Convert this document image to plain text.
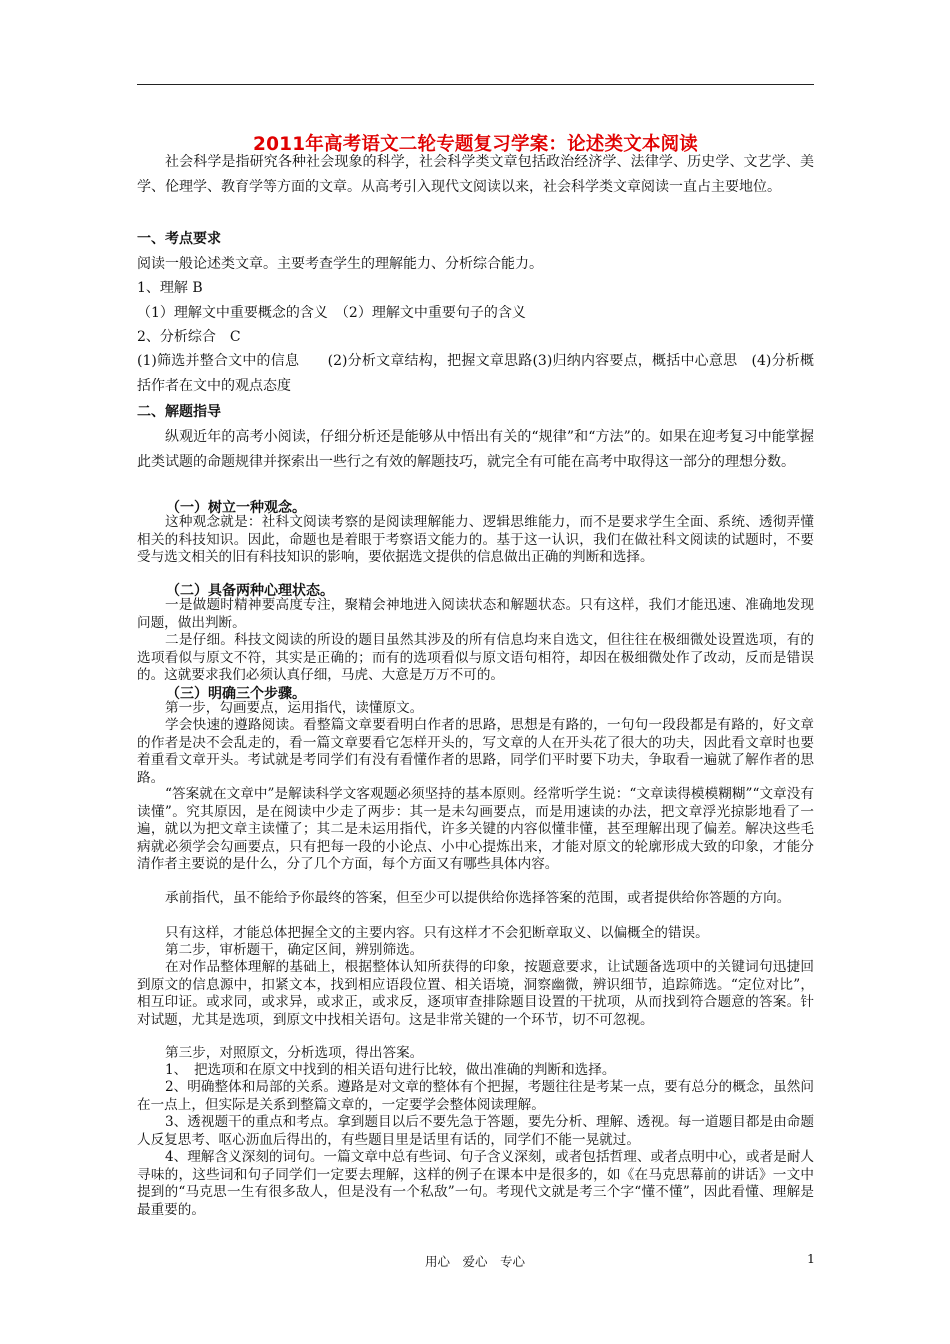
2011年高考语文二轮专题复习学案：论述类文本阅读
社会科学是指研究各种社会现象的科学，社会科学类文章包括政治经济学、法律学、历史学、文艺学、美学、伦理学、教育学等方面的文章。从高考引入现代文阅读以来，社会科学类文章阅读一直占主要地位。
一、考点要求
阅读一般论述类文章。主要考查学生的理解能力、分析综合能力。
1、理解 B
（1）理解文中重要概念的含义　（2）理解文中重要句子的含义
2、分析综合　C
(1)筛选并整合文中的信息　　(2)分析文章结构，把握文章思路(3)归纳内容要点，概括中心意思　(4)分析概括作者在文中的观点态度
二、解题指导
纵观近年的高考小阅读，仔细分析还是能够从中悟出有关的“规律”和“方法”的。如果在迎考复习中能掌握此类试题的命题规律并探索出一些行之有效的解题技巧，就完全有可能在高考中取得这一部分的理想分数。
（一）树立一种观念。
这种观念就是：社科文阅读考察的是阅读理解能力、逻辑思维能力，而不是要求学生全面、系统、透彻弄懂相关的科技知识。因此，命题也是着眼于考察语文能力的。基于这一认识，我们在做社科文阅读的试题时，不要受与选文相关的旧有科技知识的影响，要依据选文提供的信息做出正确的判断和选择。
（二）具备两种心理状态。
一是做题时精神要高度专注，聚精会神地进入阅读状态和解题状态。只有这样，我们才能迅速、准确地发现问题，做出判断。
二是仔细。科技文阅读的所设的题目虽然其涉及的所有信息均来自选文，但往往在极细微处设置选项，有的选项看似与原文不符，其实是正确的；而有的选项看似与原文语句相符，却因在极细微处作了改动，反而是错误的。这就要求我们必须认真仔细，马虎、大意是万万不可的。
（三）明确三个步骤。
第一步，勾画要点，运用指代，读懂原文。
学会快速的遵路阅读。看整篇文章要看明白作者的思路，思想是有路的，一句句一段段都是有路的，好文章的作者是决不会乱走的，看一篇文章要看它怎样开头的，写文章的人在开头花了很大的功夫，因此看文章时也要着重看文章开头。考试就是考同学们有没有看懂作者的思路，同学们平时要下功夫，争取看一遍就了解作者的思路。
“答案就在文章中”是解读科学文客观题必须坚持的基本原则。经常听学生说：“文章读得模模糊糊”“文章没有读懂”。究其原因，是在阅读中少走了两步：其一是未勾画要点，而是用速读的办法，把文章浮光掠影地看了一遍，就以为把文章主读懂了；其二是未运用指代，许多关键的内容似懂非懂，甚至理解出现了偏差。解决这些毛病就必须学会勾画要点，只有把每一段的小论点、小中心提炼出来，才能对原文的轮廓形成大致的印象，才能分清作者主要说的是什么，分了几个方面，每个方面又有哪些具体内容。
承前指代，虽不能给予你最终的答案，但至少可以提供给你选择答案的范围，或者提供给你答题的方向。
只有这样，才能总体把握全文的主要内容。只有这样才不会犯断章取义、以偏概全的错误。
第二步，审析题干，确定区间，辨别筛选。
在对作品整体理解的基础上，根据整体认知所获得的印象，按题意要求，让试题备选项中的关键词句迅捷回到原文的信息源中，扣紧文本，找到相应语段位置、相关语境，洞察幽微，辨识细节，追踪筛选。“定位对比”，相互印证。或求同，或求异，或求正，或求反，逐项审查排除题目设置的干扰项，从而找到符合题意的答案。针对试题，尤其是选项，到原文中找相关语句。这是非常关键的一个环节，切不可忽视。
第三步，对照原文，分析选项，得出答案。
1、　把选项和在原文中找到的相关语句进行比较，做出准确的判断和选择。
2、明确整体和局部的关系。遵路是对文章的整体有个把握，考题往往是考某一点，要有总分的概念，虽然问在一点上，但实际是关系到整篇文章的，一定要学会整体阅读理解。
3、透视题干的重点和考点。拿到题目以后不要先急于答题，要先分析、理解、透视。每一道题目都是由命题人反复思考、呕心沥血后得出的，有些题目里是话里有话的，同学们不能一晃就过。
4、理解含义深刻的词句。一篇文章中总有些词、句子含义深刻，或者包括哲理、或者点明中心，或者是耐人寻味的，这些词和句子同学们一定要去理解，这样的例子在课本中是很多的，如《在马克思幕前的讲话》一文中提到的“马克思一生有很多敌人，但是没有一个私敌”一句。考现代文就是考三个字“懂不懂”，因此看懂、理解是最重要的。
用心　爱心　专心	1
